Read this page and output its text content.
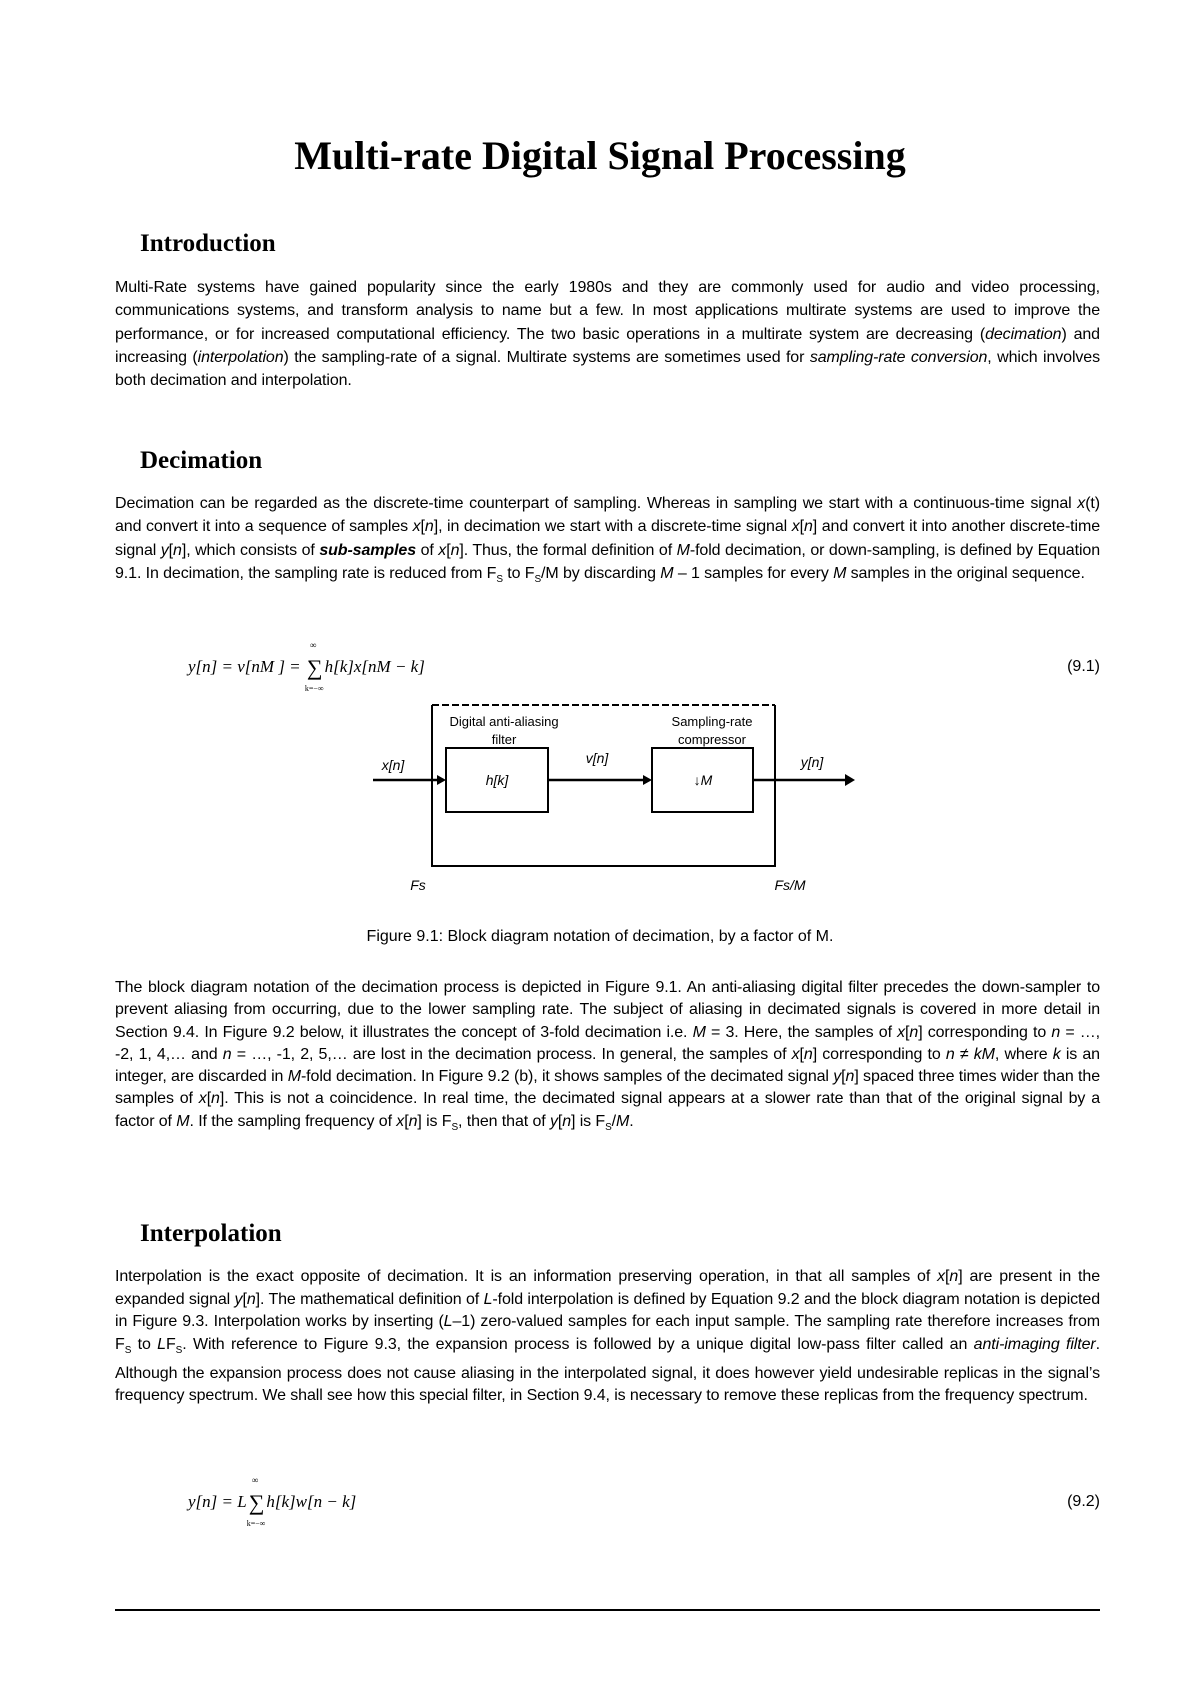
Multi-rate Digital Signal Processing
Introduction
Multi-Rate systems have gained popularity since the early 1980s and they are commonly used for audio and video processing, communications systems, and transform analysis to name but a few. In most applications multirate systems are used to improve the performance, or for increased computational efficiency. The two basic operations in a multirate system are decreasing (decimation) and increasing (interpolation) the sampling-rate of a signal. Multirate systems are sometimes used for sampling-rate conversion, which involves both decimation and interpolation.
Decimation
Decimation can be regarded as the discrete-time counterpart of sampling. Whereas in sampling we start with a continuous-time signal x(t) and convert it into a sequence of samples x[n], in decimation we start with a discrete-time signal x[n] and convert it into another discrete-time signal y[n], which consists of sub-samples of x[n]. Thus, the formal definition of M-fold decimation, or down-sampling, is defined by Equation 9.1. In decimation, the sampling rate is reduced from $F_S$ to $F_S/M$ by discarding M – 1 samples for every M samples in the original sequence.
y[n] = v[nM ] = ∑
∞
k=−∞
h[k]x[nM − k]	(9.1)
Digital anti-aliasing
filter
Sampling-rate
compressor
x[n]
h[k]
v[n]
↓M
y[n]
Fs	Fs/M
Figure 9.1: Block diagram notation of decimation, by a factor of M.
The block diagram notation of the decimation process is depicted in Figure 9.1. An anti-aliasing digital filter precedes the down-sampler to prevent aliasing from occurring, due to the lower sampling rate. The subject of aliasing in decimated signals is covered in more detail in Section 9.4. In Figure 9.2 below, it illustrates the concept of 3-fold decimation i.e. M = 3. Here, the samples of x[n] corresponding to n = …, -2, 1, 4,… and n = …, -1, 2, 5,… are lost in the decimation process. In general, the samples of x[n] corresponding to n ≠ kM, where k is an integer, are discarded in M-fold decimation. In Figure 9.2 (b), it shows samples of the decimated signal y[n] spaced three times wider than the samples of x[n]. This is not a coincidence. In real time, the decimated signal appears at a slower rate than that of the original signal by a factor of M. If the sampling frequency of x[n] is $F_S$, then that of y[n] is $F_S/M$.
Interpolation
Interpolation is the exact opposite of decimation. It is an information preserving operation, in that all samples of x[n] are present in the expanded signal y[n]. The mathematical definition of L-fold interpolation is defined by Equation 9.2 and the block diagram notation is depicted in Figure 9.3. Interpolation works by inserting (L–1) zero-valued samples for each input sample. The sampling rate therefore increases from $F_S$ to $LF_S$. With reference to Figure 9.3, the expansion process is followed by a unique digital low-pass filter called an anti-imaging filter. Although the expansion process does not cause aliasing in the interpolated signal, it does however yield undesirable replicas in the signal’s frequency spectrum. We shall see how this special filter, in Section 9.4, is necessary to remove these replicas from the frequency spectrum.
y[n] = L∑
∞
k=−∞
h[k]w[n − k]	(9.2)
